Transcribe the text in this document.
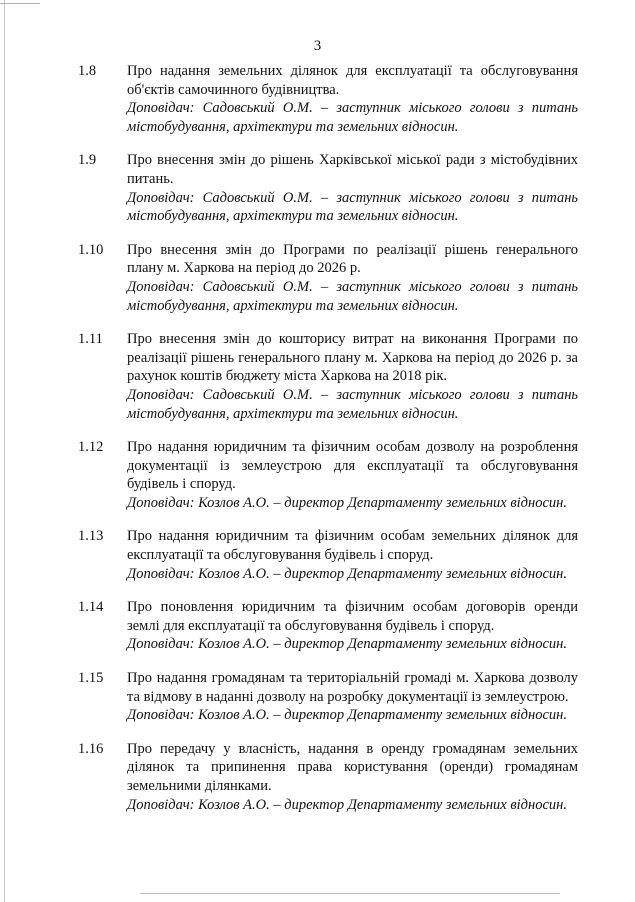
3
1.8	Про надання земельних ділянок для експлуатації та обслуговування об'єктів самочинного будівництва.
Доповідач: Садовський О.М. – заступник міського голови з питань містобудування, архітектури та земельних відносин.
1.9	Про внесення змін до рішень Харківської міської ради з містобудівних питань.
Доповідач: Садовський О.М. – заступник міського голови з питань містобудування, архітектури та земельних відносин.
1.10	Про внесення змін до Програми по реалізації рішень генерального плану м. Харкова на період до 2026 р.
Доповідач: Садовський О.М. – заступник міського голови з питань містобудування, архітектури та земельних відносин.
1.11	Про внесення змін до кошторису витрат на виконання Програми по реалізації рішень генерального плану м. Харкова на період до 2026 р. за рахунок коштів бюджету міста Харкова на 2018 рік.
Доповідач: Садовський О.М. – заступник міського голови з питань містобудування, архітектури та земельних відносин.
1.12	Про надання юридичним та фізичним особам дозволу на розроблення документації із землеустрою для експлуатації та обслуговування будівель і споруд.
Доповідач: Козлов А.О. – директор Департаменту земельних відносин.
1.13	Про надання юридичним та фізичним особам земельних ділянок для експлуатації та обслуговування будівель і споруд.
Доповідач: Козлов А.О. – директор Департаменту земельних відносин.
1.14	Про поновлення юридичним та фізичним особам договорів оренди землі для експлуатації та обслуговування будівель і споруд.
Доповідач: Козлов А.О. – директор Департаменту земельних відносин.
1.15	Про надання громадянам та територіальній громаді м. Харкова дозволу та відмову в наданні дозволу на розробку документації із землеустрою.
Доповідач: Козлов А.О. – директор Департаменту земельних відносин.
1.16	Про передачу у власність, надання в оренду громадянам земельних ділянок та припинення права користування (оренди) громадянам земельними ділянками.
Доповідач: Козлов А.О. – директор Департаменту земельних відносин.
